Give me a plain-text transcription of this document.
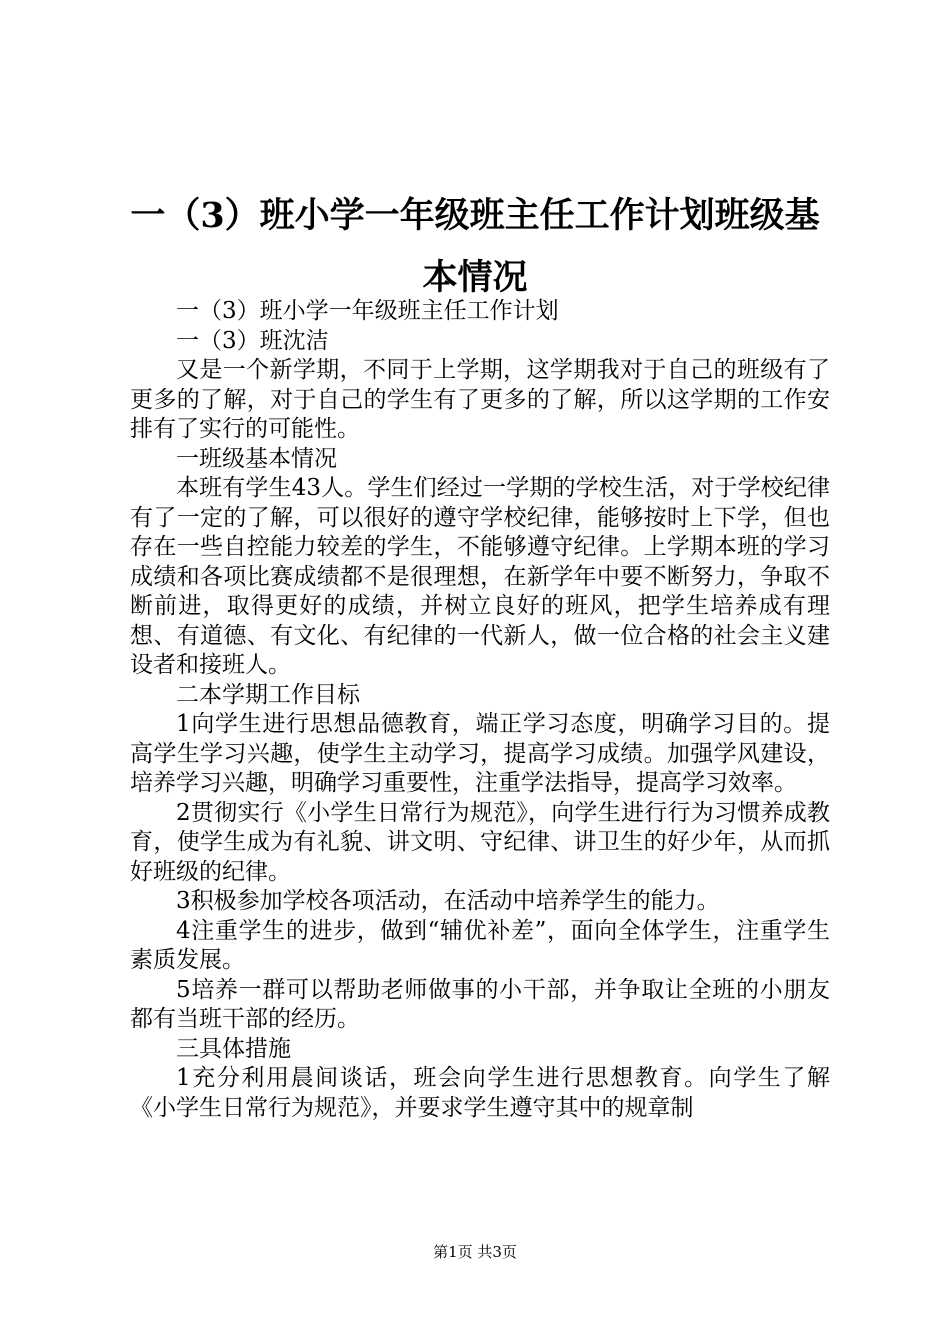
一（3）班小学一年级班主任工作计划班级基本情况

一（3）班小学一年级班主任工作计划

一（3）班沈洁

又是一个新学期，不同于上学期，这学期我对于自己的班级有了更多的了解，对于自己的学生有了更多的了解，所以这学期的工作安排有了实行的可能性。

一班级基本情况

本班有学生43人。学生们经过一学期的学校生活，对于学校纪律有了一定的了解，可以很好的遵守学校纪律，能够按时上下学，但也存在一些自控能力较差的学生，不能够遵守纪律。上学期本班的学习成绩和各项比赛成绩都不是很理想，在新学年中要不断努力，争取不断前进，取得更好的成绩，并树立良好的班风，把学生培养成有理想、有道德、有文化、有纪律的一代新人，做一位合格的社会主义建设者和接班人。

二本学期工作目标

1向学生进行思想品德教育，端正学习态度，明确学习目的。提高学生学习兴趣，使学生主动学习，提高学习成绩。加强学风建设，培养学习兴趣，明确学习重要性，注重学法指导，提高学习效率。

2贯彻实行《小学生日常行为规范》，向学生进行行为习惯养成教育，使学生成为有礼貌、讲文明、守纪律、讲卫生的好少年，从而抓好班级的纪律。

3积极参加学校各项活动，在活动中培养学生的能力。

4注重学生的进步，做到“辅优补差”，面向全体学生，注重学生素质发展。

5培养一群可以帮助老师做事的小干部，并争取让全班的小朋友都有当班干部的经历。

三具体措施

1充分利用晨间谈话，班会向学生进行思想教育。向学生了解《小学生日常行为规范》，并要求学生遵守其中的规章制

第1页 共3页
